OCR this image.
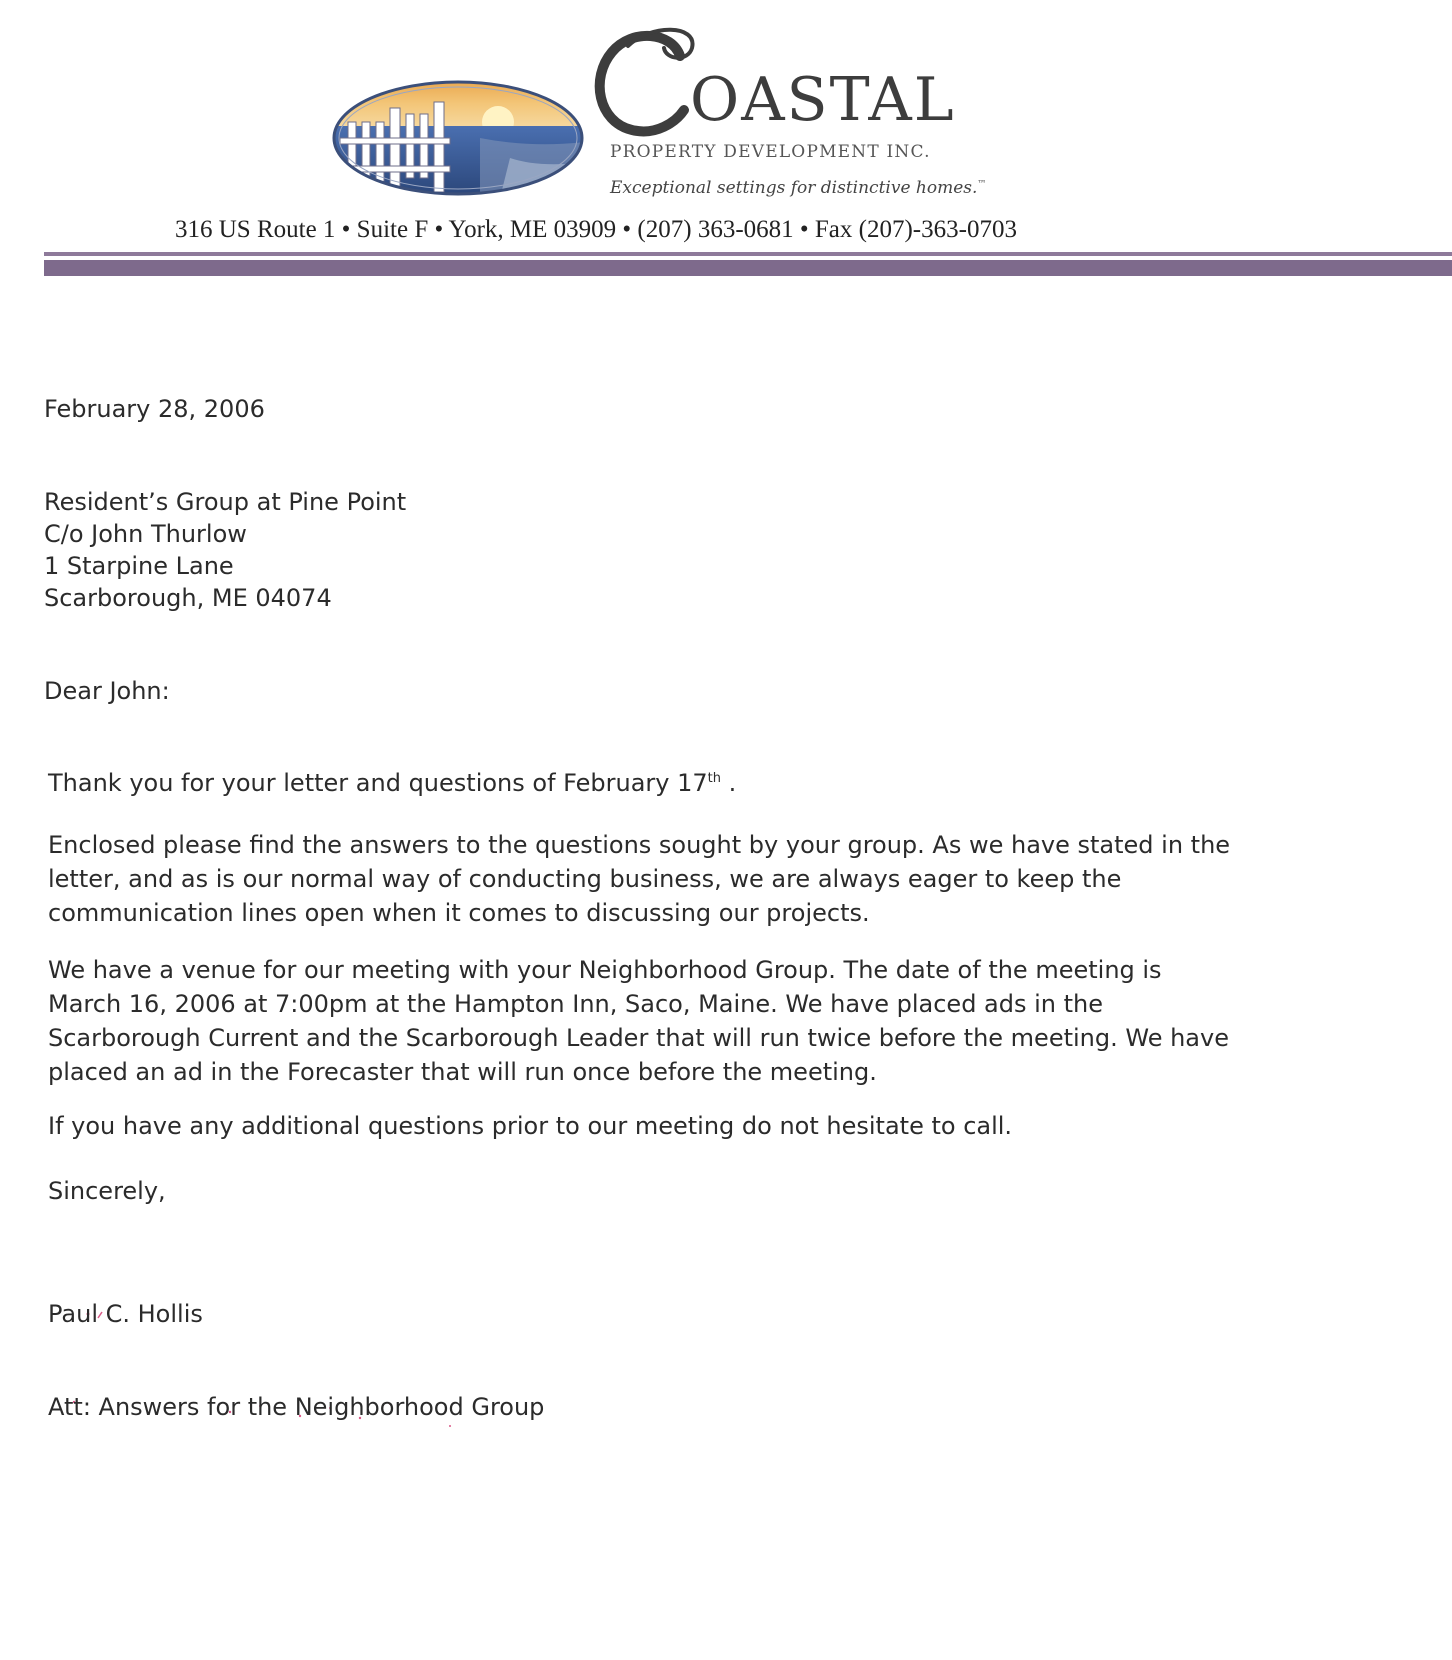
OASTAL
PROPERTY DEVELOPMENT INC.
Exceptional settings for distinctive homes.™
316 US Route 1 • Suite F • York, ME 03909 • (207) 363-0681 • Fax (207)-363-0703
February 28, 2006
Resident’s Group at Pine Point
C/o John Thurlow
1 Starpine Lane
Scarborough, ME 04074
Dear John:
Thank you for your letter and questions of February 17th .
Enclosed please find the answers to the questions sought by your group. As we have stated in the
letter, and as is our normal way of conducting business, we are always eager to keep the
communication lines open when it comes to discussing our projects.
We have a venue for our meeting with your Neighborhood Group. The date of the meeting is
March 16, 2006 at 7:00pm at the Hampton Inn, Saco, Maine. We have placed ads in the
Scarborough Current and the Scarborough Leader that will run twice before the meeting. We have
placed an ad in the Forecaster that will run once before the meeting.
If you have any additional questions prior to our meeting do not hesitate to call.
Sincerely,
Paul C. Hollis
Att: Answers for the Neighborhood Group
